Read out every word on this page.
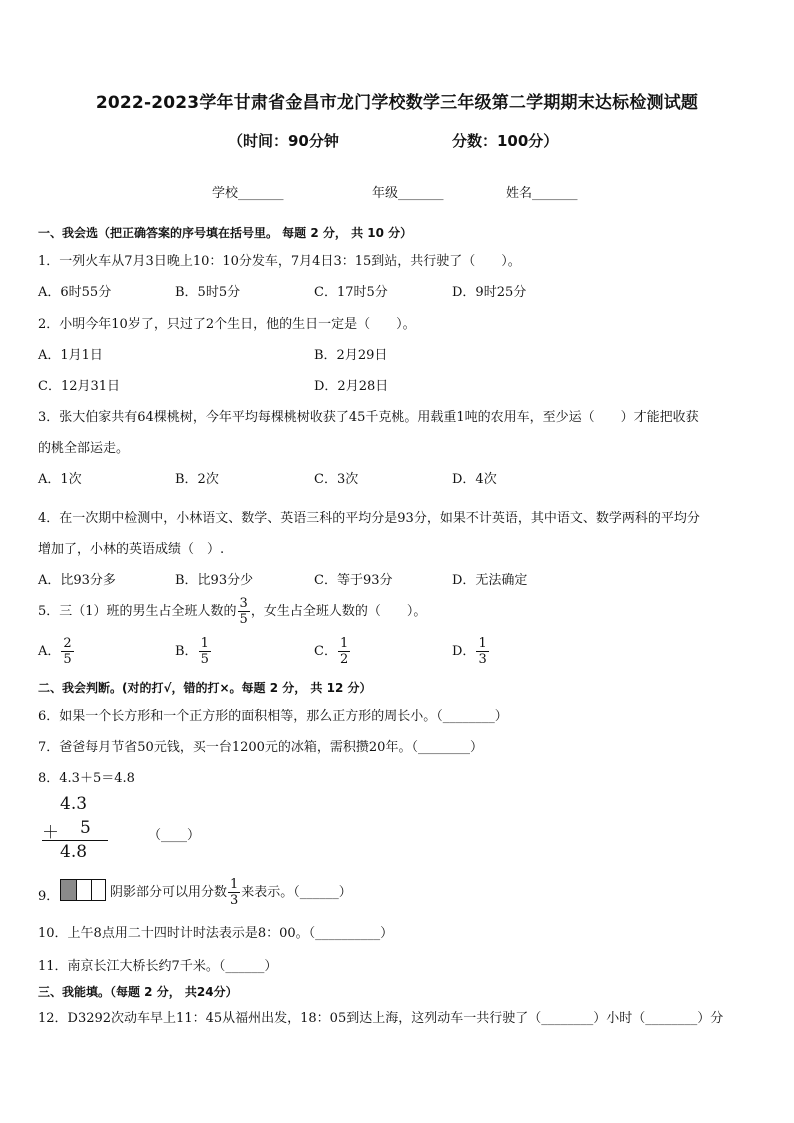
2022-2023学年甘肃省金昌市龙门学校数学三年级第二学期期末达标检测试题
（时间：90分钟	分数：100分）
学校_______	年级_______	姓名_______
一、我会选（把正确答案的序号填在括号里。 每题 2 分， 共 10 分）
1．一列火车从7月3日晚上10：10分发车，7月4日3：15到站，共行驶了（　　）。
A．6时55分	B．5时5分	C．17时5分	D．9时25分
2．小明今年10岁了，只过了2个生日，他的生日一定是（　　）。
A．1月1日	B．2月29日
C．12月31日	D．2月28日
3．张大伯家共有64棵桃树，今年平均每棵桃树收获了45千克桃。用载重1吨的农用车，至少运（　　）才能把收获
的桃全部运走。
A．1次	B．2次	C．3次	D．4次
4．在一次期中检测中，小林语文、数学、英语三科的平均分是93分，如果不计英语，其中语文、数学两科的平均分
增加了，小林的英语成绩（　）.
A．比93分多	B．比93分少	C．等于93分	D．无法确定
5．三（1）班的男生占全班人数的 $\frac{3}{5}$ ，女生占全班人数的（　　）。
A． $\frac{2}{5}$	B． $\frac{1}{5}$	C． $\frac{1}{2}$	D． $\frac{1}{3}$
二、我会判断。(对的打√，错的打×。每题 2 分， 共 12 分）
6．如果一个长方形和一个正方形的面积相等，那么正方形的周长小。（________）
7．爸爸每月节省50元钱，买一台1200元的冰箱，需积攒20年。（________）
8．4.3＋5＝4.8
4.3
＋ 5
4.8
（____）
9．	阴影部分可以用分数 $\frac{1}{3}$ 来表示。（______）
10．上午8点用二十四时计时法表示是8：00。（__________）
11．南京长江大桥长约7千米。（______）
三、我能填。（每题 2 分， 共24分）
12．D3292次动车早上11：45从福州出发，18：05到达上海，这列动车一共行驶了（________）小时（________）分
